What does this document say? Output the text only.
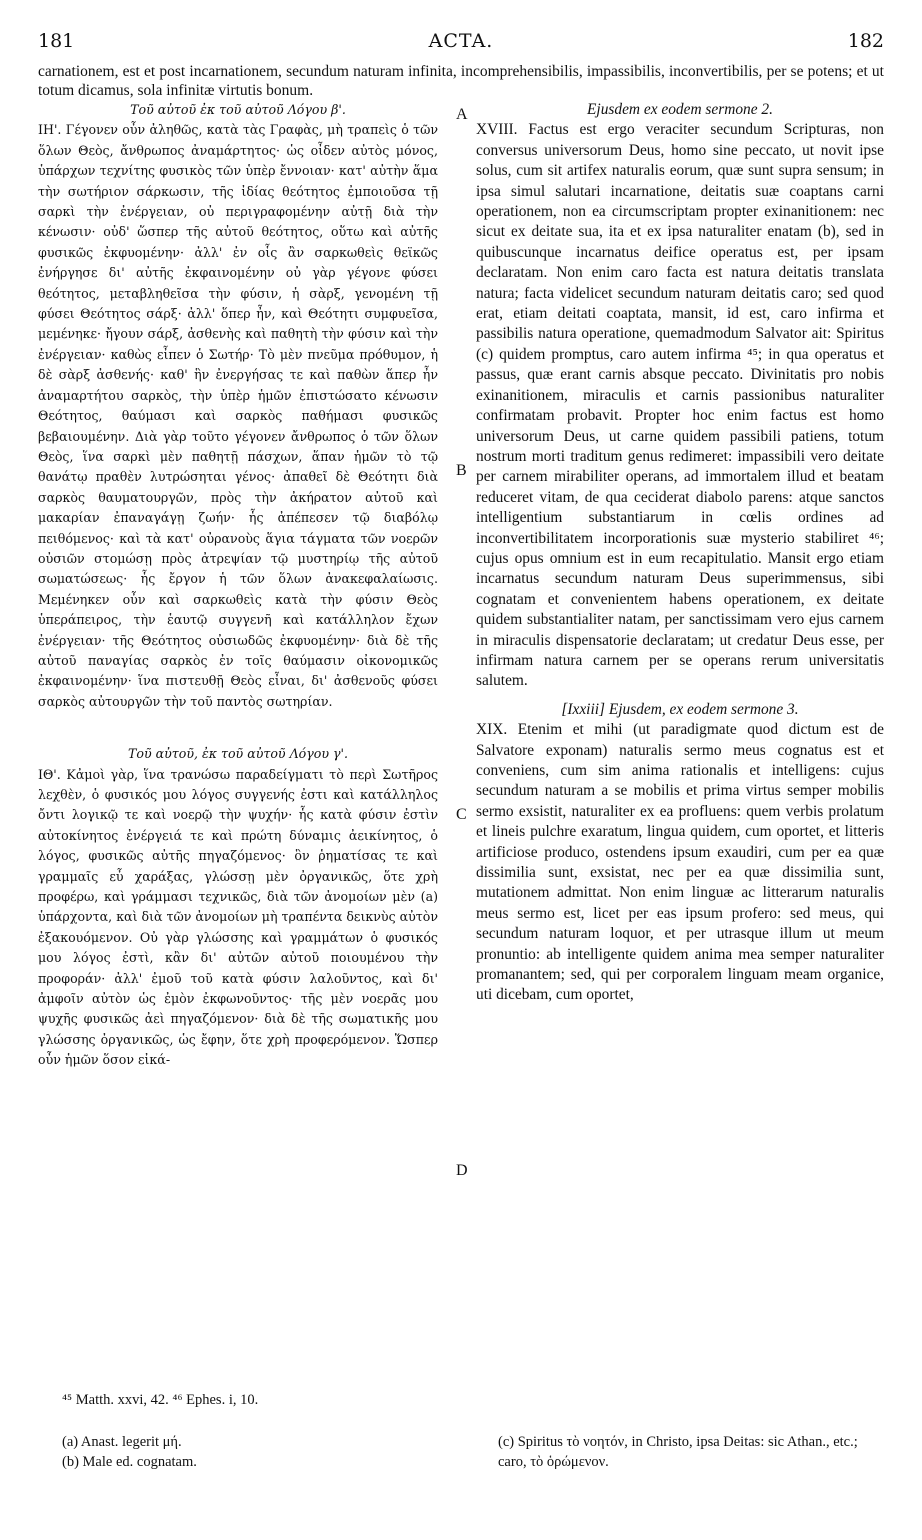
181	ACTA.	182
carnationem, est et post incarnationem, secundum naturam infinita, incomprehensibilis, impassibilis, inconvertibilis, per se potens; et ut totum dicamus, sola infinitæ virtutis bonum.

Τοῦ αὐτοῦ ἐκ τοῦ αὐτοῦ Λόγου β'.

ΙΗ'. Γέγονεν οὖν ἀληθῶς, κατὰ τὰς Γραφὰς, μὴ τραπεὶς ὁ τῶν ὅλων Θεὸς, ἄνθρωπος ἀναμάρτητος· ὡς οἶδεν αὐτὸς μόνος, ὑπάρχων τεχνίτης φυσικὸς τῶν ὑπὲρ ἔννοιαν· κατ' αὐτὴν ἅμα τὴν σωτήριον σάρκωσιν, τῆς ἰδίας θεότητος ἐμποιοῦσα τῇ σαρκὶ τὴν ἐνέργειαν, οὐ περιγραφομένην αὐτῇ διὰ τὴν κένωσιν· οὐδ' ὥσπερ τῆς αὐτοῦ θεότητος, οὕτω καὶ αὐτῆς φυσικῶς ἐκφυομένην· ἀλλ' ἐν οἷς ἂν σαρκωθεὶς θεϊκῶς ἐνήργησε δι' αὐτῆς ἐκφαινομένην οὐ γὰρ γέγονε φύσει θεότητος, μεταβληθεῖσα τὴν φύσιν, ἡ σὰρξ, γενομένη τῇ φύσει Θεότητος σάρξ· ἀλλ' ὅπερ ἦν, καὶ Θεότητι συμφυεῖσα, μεμένηκε· ἤγουν σάρξ, ἀσθενὴς καὶ παθητὴ τὴν φύσιν καὶ τὴν ἐνέργειαν· καθὼς εἶπεν ὁ Σωτήρ· Τὸ μὲν πνεῦμα πρόθυμον, ἡ δὲ σὰρξ ἀσθενής· καθ' ἣν ἐνεργήσας τε καὶ παθὼν ἅπερ ἦν ἀναμαρτήτου σαρκὸς, τὴν ὑπὲρ ἡμῶν ἐπιστώσατο κένωσιν Θεότητος, θαύμασι καὶ σαρκὸς παθήμασι φυσικῶς βεβαιουμένην. Διὰ γὰρ τοῦτο γέγονεν ἄνθρωπος ὁ τῶν ὅλων Θεὸς, ἵνα σαρκὶ μὲν παθητῇ πάσχων, ἅπαν ἡμῶν τὸ τῷ θανάτῳ πραθὲν λυτρώσηται γένος· ἀπαθεῖ δὲ Θεότητι διὰ σαρκὸς θαυματουργῶν, πρὸς τὴν ἀκήρατον αὐτοῦ καὶ μακαρίαν ἐπαναγάγῃ ζωήν· ἧς ἀπέπεσεν τῷ διαβόλῳ πειθόμενος· καὶ τὰ κατ' οὐρανοὺς ἅγια τάγματα τῶν νοερῶν οὐσιῶν στομώσῃ πρὸς ἀτρεψίαν τῷ μυστηρίῳ τῆς αὐτοῦ σωματώσεως· ἧς ἔργον ἡ τῶν ὅλων ἀνακεφαλαίωσις. Μεμένηκεν οὖν καὶ σαρκωθεὶς κατὰ τὴν φύσιν Θεὸς ὑπεράπειρος, τὴν ἑαυτῷ συγγενῆ καὶ κατάλληλον ἔχων ἐνέργειαν· τῆς Θεότητος οὐσιωδῶς ἐκφυομένην· διὰ δὲ τῆς αὐτοῦ παναγίας σαρκὸς ἐν τοῖς θαύμασιν οἰκονομικῶς ἐκφαινομένην· ἵνα πιστευθῇ Θεὸς εἶναι, δι' ἀσθενοῦς φύσει σαρκὸς αὐτουργῶν τὴν τοῦ παντὸς σωτηρίαν.

Τοῦ αὐτοῦ, ἐκ τοῦ αὐτοῦ Λόγου γ'.

ΙΘ'. Κἀμοὶ γὰρ, ἵνα τρανώσω παραδείγματι τὸ περὶ Σωτῆρος λεχθὲν, ὁ φυσικός μου λόγος συγγενής ἐστι καὶ κατάλληλος ὄντι λογικῷ τε καὶ νοερῷ τὴν ψυχήν· ἧς κατὰ φύσιν ἐστὶν αὐτοκίνητος ἐνέργειά τε καὶ πρώτη δύναμις ἀεικίνητος, ὁ λόγος, φυσικῶς αὐτῆς πηγαζόμενος· ὃν ῥηματίσας τε καὶ γραμμαῖς εὖ χαράξας, γλώσσῃ μὲν ὀργανικῶς, ὅτε χρὴ προφέρω, καὶ γράμμασι τεχνικῶς, διὰ τῶν ἀνομοίων μὲν (a) ὑπάρχοντα, καὶ διὰ τῶν ἀνομοίων μὴ τραπέντα δεικνὺς αὐτὸν ἐξακουόμενον. Οὐ γὰρ γλώσσης καὶ γραμμάτων ὁ φυσικός μου λόγος ἐστὶ, κἂν δι' αὐτῶν αὐτοῦ ποιουμένου τὴν προφοράν· ἀλλ' ἐμοῦ τοῦ κατὰ φύσιν λαλοῦντος, καὶ δι' ἀμφοῖν αὐτὸν ὡς ἐμὸν ἐκφωνοῦντος· τῆς μὲν νοερᾶς μου ψυχῆς φυσικῶς ἀεὶ πηγαζόμενον· διὰ δὲ τῆς σωματικῆς μου γλώσσης ὀργανικῶς, ὡς ἔφην, ὅτε χρὴ προφερόμενον. Ὥσπερ οὖν ἡμῶν ὅσον εἰκά-

Ejusdem ex eodem sermone 2.

XVIII. Factus est ergo veraciter secundum Scripturas, non conversus universorum Deus, homo sine peccato, ut novit ipse solus, cum sit artifex naturalis eorum, quæ sunt supra sensum; in ipsa simul salutari incarnatione, deitatis suæ coaptans carni operationem, non ea circumscriptam propter exinanitionem: nec sicut ex deitate sua, ita et ex ipsa naturaliter enatam (b), sed in quibuscunque incarnatus deifice operatus est, per ipsam declaratam. Non enim caro facta est natura deitatis translata natura; facta videlicet secundum naturam deitatis caro; sed quod erat, etiam deitati coaptata, mansit, id est, caro infirma et passibilis natura operatione, quemadmodum Salvator ait: Spiritus (c) quidem promptus, caro autem infirma ⁴⁵; in qua operatus et passus, quæ erant carnis absque peccato. Divinitatis pro nobis exinanitionem, miraculis et carnis passionibus naturaliter confirmatam probavit. Propter hoc enim factus est homo universorum Deus, ut carne quidem passibili patiens, totum nostrum morti traditum genus redimeret: impassibili vero deitate per carnem mirabiliter operans, ad immortalem illud et beatam reduceret vitam, de qua ceciderat diabolo parens: atque sanctos intelligentium substantiarum in cœlis ordines ad inconvertibilitatem incorporationis suæ mysterio stabiliret ⁴⁶; cujus opus omnium est in eum recapitulatio. Mansit ergo etiam incarnatus secundum naturam Deus superimmensus, sibi cognatam et convenientem habens operationem, ex deitate quidem substantialiter natam, per sanctissimam vero ejus carnem in miraculis dispensatorie declaratam; ut credatur Deus esse, per infirmam natura carnem per se operans rerum universitatis salutem.

[Ixxiii] Ejusdem, ex eodem sermone 3.

XIX. Etenim et mihi (ut paradigmate quod dictum est de Salvatore exponam) naturalis sermo meus cognatus est et conveniens, cum sim anima rationalis et intelligens: cujus secundum naturam a se mobilis et prima virtus semper mobilis sermo exsistit, naturaliter ex ea profluens: quem verbis prolatum et lineis pulchre exaratum, lingua quidem, cum oportet, et litteris artificiose produco, ostendens ipsum exaudiri, cum per ea quæ dissimilia sunt, exsistat, nec per ea quæ dissimilia sunt, mutationem admittat. Non enim linguæ ac litterarum naturalis meus sermo est, licet per eas ipsum profero: sed meus, qui secundum naturam loquor, et per utrasque illum ut meum pronuntio: ab intelligente quidem anima mea semper naturaliter promanantem; sed, qui per corporalem linguam meam organice, uti dicebam, cum oportet,

A
B
C
D
⁴⁵ Matth. xxvi, 42. ⁴⁶ Ephes. i, 10.
(a) Anast. legerit μή.
(b) Male ed. cognatam.
(c) Spiritus τὸ νοητόν, in Christo, ipsa Deitas: sic Athan., etc.; caro, τὸ ὁρώμενον.
